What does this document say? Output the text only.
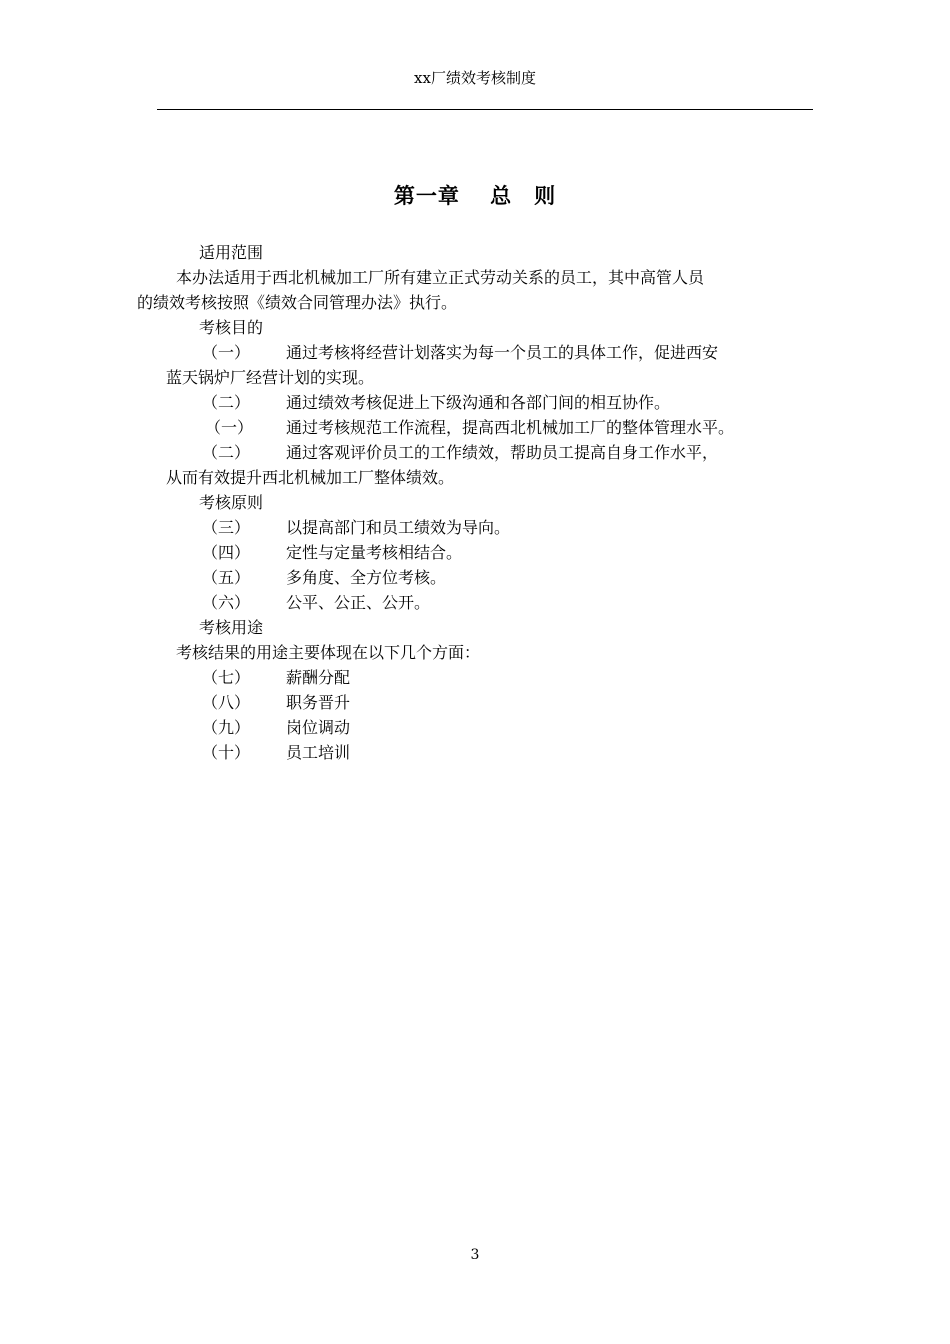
xx厂绩效考核制度
第一章　 总　则
适用范围
本办法适用于西北机械加工厂所有建立正式劳动关系的员工，其中高管人员
的绩效考核按照《绩效合同管理办法》执行。
考核目的
（一） 通过考核将经营计划落实为每一个员工的具体工作，促进西安
蓝天锅炉厂经营计划的实现。
（二） 通过绩效考核促进上下级沟通和各部门间的相互协作。
（一） 通过考核规范工作流程，提高西北机械加工厂的整体管理水平。
（二） 通过客观评价员工的工作绩效，帮助员工提高自身工作水平，
从而有效提升西北机械加工厂整体绩效。
考核原则
（三） 以提高部门和员工绩效为导向。
（四） 定性与定量考核相结合。
（五） 多角度、全方位考核。
（六） 公平、公正、公开。
考核用途
考核结果的用途主要体现在以下几个方面：
（七） 薪酬分配
（八） 职务晋升
（九） 岗位调动
（十） 员工培训
3
